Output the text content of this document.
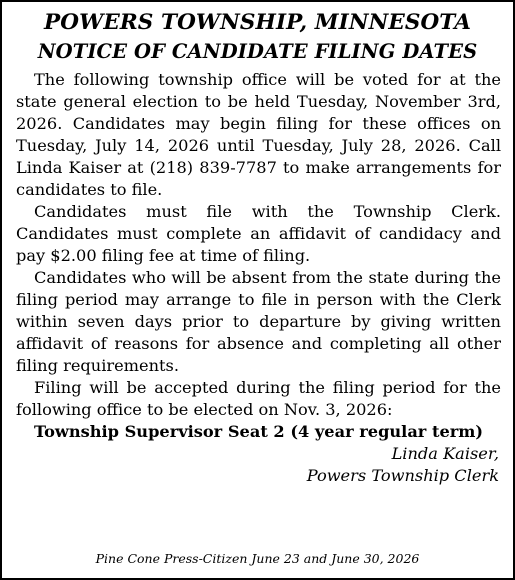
POWERS TOWNSHIP, MINNESOTA
NOTICE OF CANDIDATE FILING DATES

The following township office will be voted for at the state general election to be held Tuesday, November 3rd, 2026. Candidates may begin filing for these offices on Tuesday, July 14, 2026 until Tuesday, July 28, 2026. Call Linda Kaiser at (218) 839-7787 to make arrangements for candidates to file.

Candidates must file with the Township Clerk. Candidates must complete an affidavit of candidacy and pay $2.00 filing fee at time of filing.

Candidates who will be absent from the state during the filing period may arrange to file in person with the Clerk within seven days prior to departure by giving written affidavit of reasons for absence and completing all other filing requirements.

Filing will be accepted during the filing period for the following office to be elected on Nov. 3, 2026:

Township Supervisor Seat 2 (4 year regular term)

Linda Kaiser,

Powers Township Clerk

Pine Cone Press-Citizen June 23 and June 30, 2026
